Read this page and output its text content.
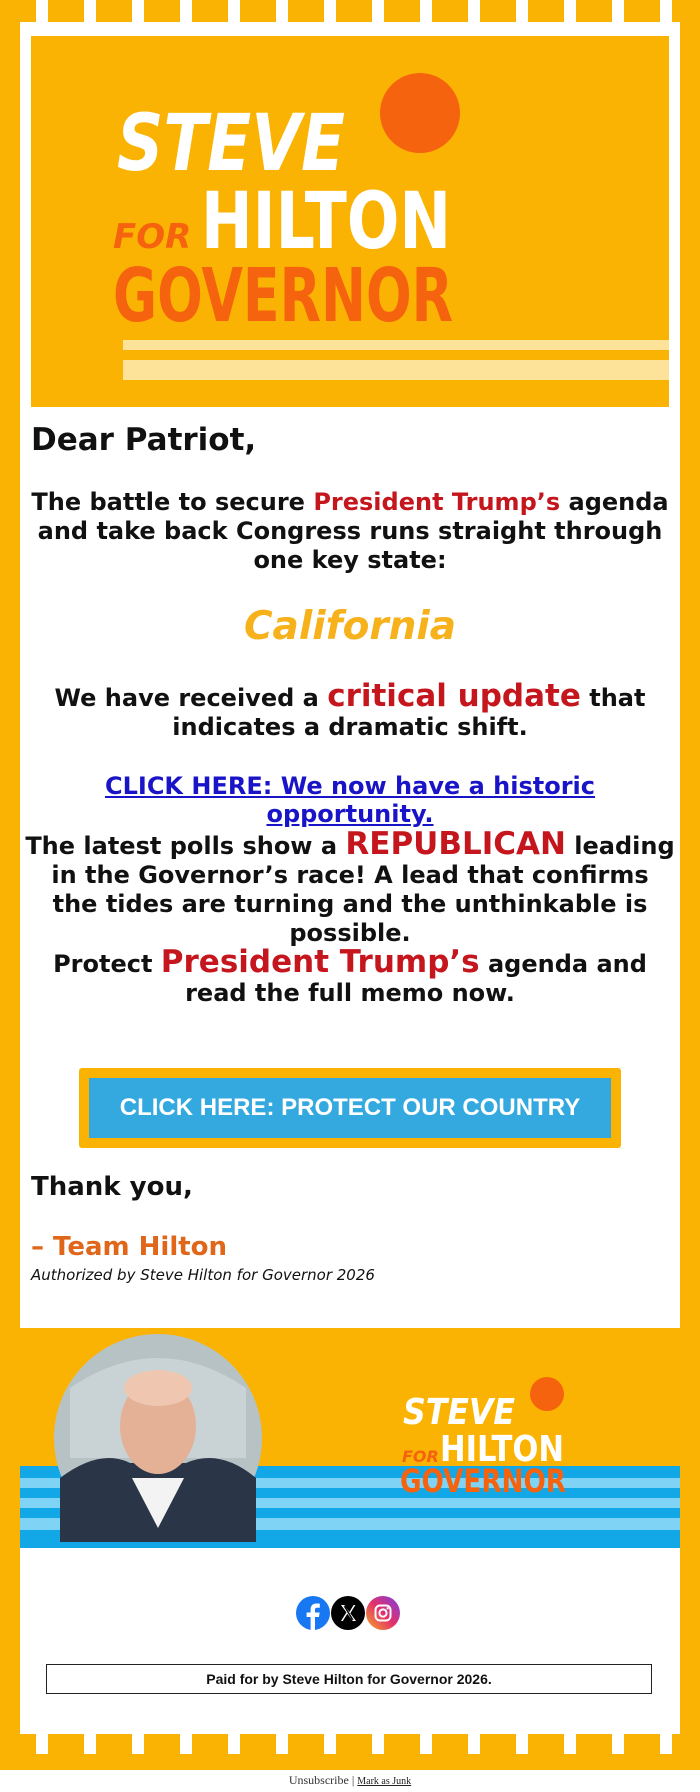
STEVE
FOR HILTON
GOVERNOR
Dear Patriot,
The battle to secure President Trump’s agenda and take back Congress runs straight through one key state:
California
We have received a critical update that indicates a dramatic shift.
CLICK HERE: We now have a historic opportunity.
The latest polls show a REPUBLICAN leading in the Governor’s race! A lead that confirms the tides are turning and the unthinkable is possible.
Protect President Trump’s agenda and read the full memo now.
CLICK HERE: PROTECT OUR COUNTRY
Thank you,
– Team Hilton
Authorized by Steve Hilton for Governor 2026
STEVE
FOR HILTON
GOVERNOR
Paid for by Steve Hilton for Governor 2026.
Unsubscribe | Mark as Junk
